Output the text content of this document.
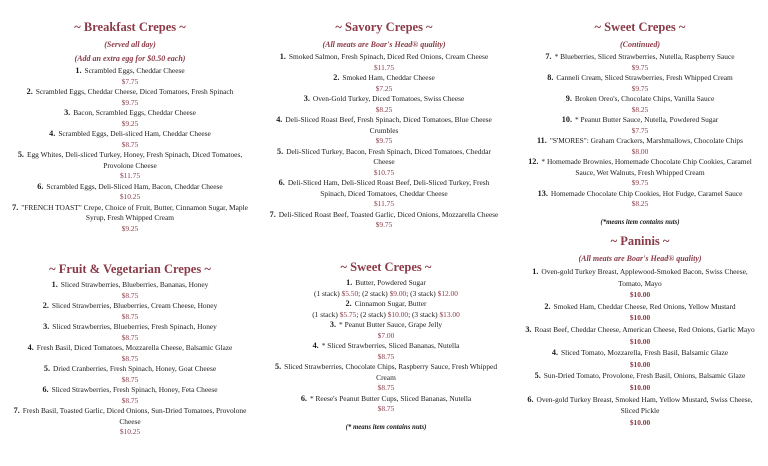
~ Breakfast Crepes ~
(Served all day)
(Add an extra egg for $0.50 each)
1. Scrambled Eggs, Cheddar Cheese
$7.75
2. Scrambled Eggs, Cheddar Cheese, Diced Tomatoes, Fresh Spinach
$9.75
3. Bacon, Scrambled Eggs, Cheddar Cheese
$9.25
4. Scrambled Eggs, Deli-sliced Ham, Cheddar Cheese
$8.75
5. Egg Whites, Deli-sliced Turkey, Honey, Fresh Spinach, Diced Tomatoes, Provolone Cheese
$11.75
6. Scrambled Eggs, Deli-Sliced Ham, Bacon, Cheddar Cheese
$10.25
7. "FRENCH TOAST" Crepe, Choice of Fruit, Butter, Cinnamon Sugar, Maple Syrup, Fresh Whipped Cream
$9.25
~ Fruit & Vegetarian Crepes ~
1. Sliced Strawberries, Blueberries, Bananas, Honey
$8.75
2. Sliced Strawberries, Blueberries, Cream Cheese, Honey
$8.75
3. Sliced Strawberries, Blueberries, Fresh Spinach, Honey
$8.75
4. Fresh Basil, Diced Tomatoes, Mozzarella Cheese, Balsamic Glaze
$8.75
5. Dried Cranberries, Fresh Spinach, Honey, Goat Cheese
$8.75
6. Sliced Strawberries, Fresh Spinach, Honey, Feta Cheese
$8.75
7. Fresh Basil, Toasted Garlic, Diced Onions, Sun-Dried Tomatoes, Provolone Cheese
$10.25
~ Savory Crepes ~
(All meats are Boar's Head® quality)
1. Smoked Salmon, Fresh Spinach, Diced Red Onions, Cream Cheese
$11.75
2. Smoked Ham, Cheddar Cheese
$7.25
3. Oven-Gold Turkey, Diced Tomatoes, Swiss Cheese
$8.25
4. Deli-Sliced Roast Beef, Fresh Spinach, Diced Tomatoes, Blue Cheese Crumbles
$9.75
5. Deli-Sliced Turkey, Bacon, Fresh Spinach, Diced Tomatoes, Cheddar Cheese
$10.75
6. Deli-Sliced Ham, Deli-Sliced Roast Beef, Deli-Sliced Turkey, Fresh Spinach, Diced Tomatoes, Cheddar Cheese
$11.75
7. Deli-Sliced Roast Beef, Toasted Garlic, Diced Onions, Mozzarella Cheese
$9.75
~ Sweet Crepes ~
1. Butter, Powdered Sugar
(1 stack) $5.50; (2 stack) $9.00; (3 stack) $12.00
2. Cinnamon Sugar, Butter
(1 stack) $5.75; (2 stack) $10.00; (3 stack) $13.00
3. * Peanut Butter Sauce, Grape Jelly
$7.00
4. * Sliced Strawberries, Sliced Bananas, Nutella
$8.75
5. Sliced Strawberries, Chocolate Chips, Raspberry Sauce, Fresh Whipped Cream
$8.75
6. * Reese's Peanut Butter Cups, Sliced Bananas, Nutella
$8.75
(* means item contains nuts)
~ Sweet Crepes ~
(Continued)
7. * Blueberries, Sliced Strawberries, Nutella, Raspberry Sauce
$9.75
8. Canneli Cream, Sliced Strawberries, Fresh Whipped Cream
$9.75
9. Broken Oreo's, Chocolate Chips, Vanilla Sauce
$8.25
10. * Peanut Butter Sauce, Nutella, Powdered Sugar
$7.75
11. "S'MORES": Graham Crackers, Marshmallows, Chocolate Chips
$8.00
12. * Homemade Brownies, Homemade Chocolate Chip Cookies, Caramel Sauce, Wet Walnuts, Fresh Whipped Cream
$9.75
13. Homemade Chocolate Chip Cookies, Hot Fudge, Caramel Sauce
$8.25
(*means item contains nuts)
~ Paninis ~
(All meats are Boar's Head® quality)
1. Oven-gold Turkey Breast, Applewood-Smoked Bacon, Swiss Cheese, Tomato, Mayo
$10.00
2. Smoked Ham, Cheddar Cheese, Red Onions, Yellow Mustard
$10.00
3. Roast Beef, Cheddar Cheese, American Cheese, Red Onions, Garlic Mayo
$10.00
4. Sliced Tomato, Mozzarella, Fresh Basil, Balsamic Glaze
$10.00
5. Sun-Dried Tomato, Provolone, Fresh Basil, Onions, Balsamic Glaze
$10.00
6. Oven-gold Turkey Breast, Smoked Ham, Yellow Mustard, Swiss Cheese, Sliced Pickle
$10.00
